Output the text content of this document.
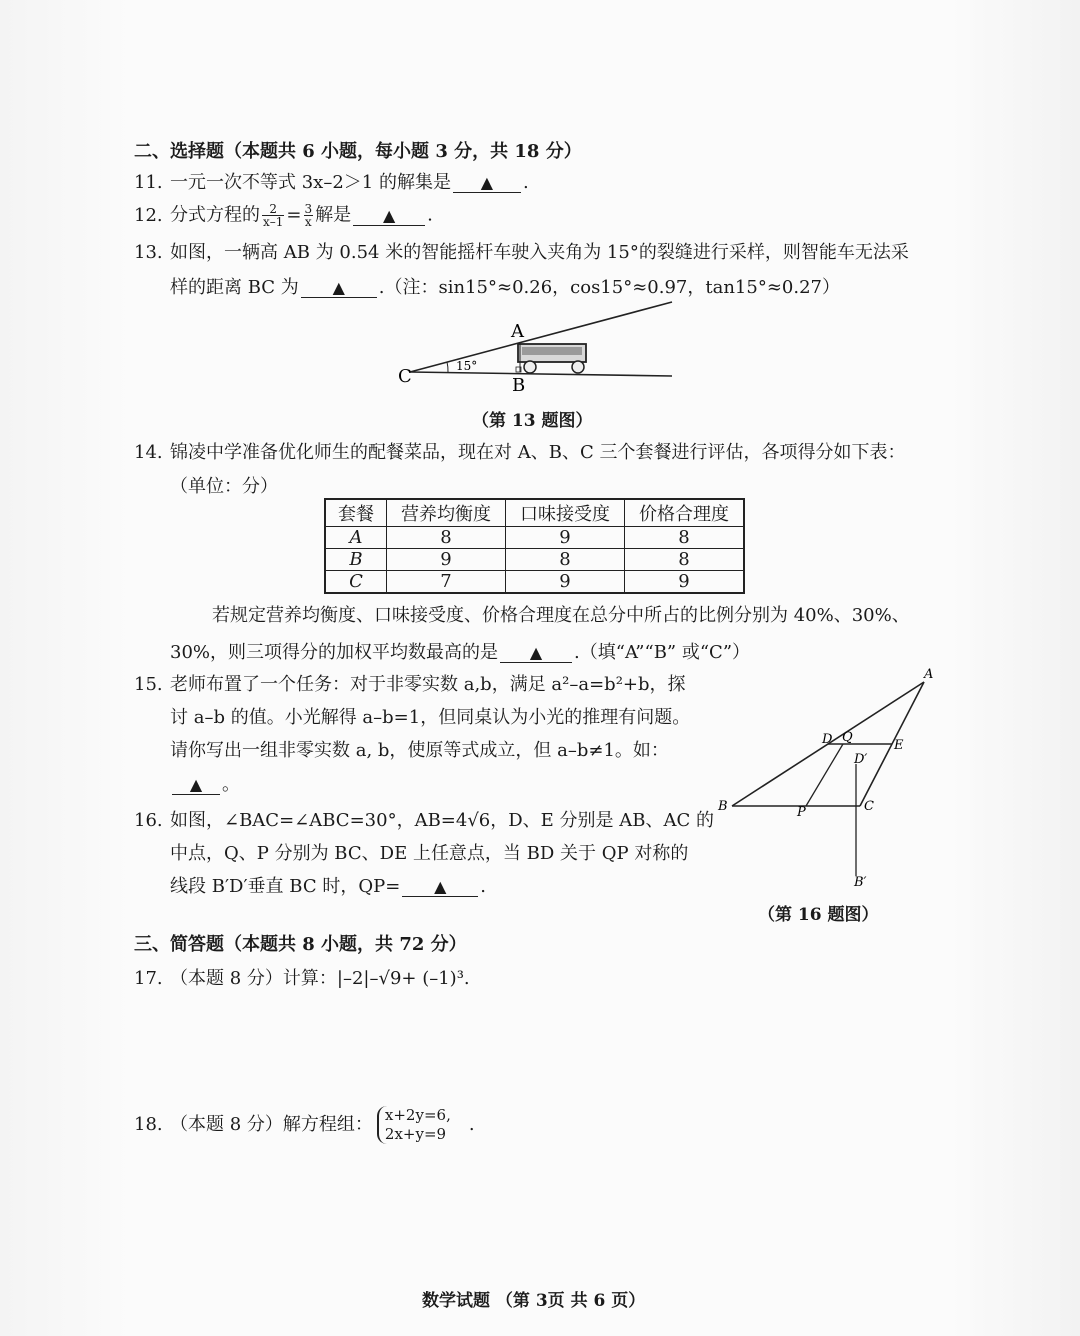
二、选择题（本题共 6 小题，每小题 3 分，共 18 分）
11. 一元一次不等式 3x–2＞1 的解集是 ▲ .
12. 分式方程的 $\frac{2}{x-1} = \frac{3}{x}$ 解是 ▲ .
13. 如图，一辆高 AB 为 0.54 米的智能摇杆车驶入夹角为 15°的裂缝进行采样，则智能车无法采
样的距离 BC 为 ▲ .（注：sin15°≈0.26，cos15°≈0.97，tan15°≈0.27）
A
B
C	15°
（第 13 题图）
14. 锦凌中学准备优化师生的配餐菜品，现在对 A、B、C 三个套餐进行评估，各项得分如下表：
（单位：分）
套餐	营养均衡度	口味接受度	价格合理度
A	8	9	8
B	9	8	8
C	7	9	9
若规定营养均衡度、口味接受度、价格合理度在总分中所占的比例分别为 40%、30%、
30%，则三项得分的加权平均数最高的是 ▲ .（填“A”“B” 或“C”）
15. 老师布置了一个任务：对于非零实数 a,b，满足 a²–a=b²+b，探
讨 a–b 的值。小光解得 a–b=1，但同桌认为小光的推理有问题。
请你写出一组非零实数 a, b，使原等式成立，但 a–b≠1。如：
▲ 。
16. 如图，∠BAC=∠ABC=30°，AB=4√6，D、E 分别是 AB、AC 的
中点，Q、P 分别为 BC、DE 上任意点，当 BD 关于 QP 对称的
线段 B′D′垂直 BC 时，QP= ▲ .
D Q
E
D′
A
B	C
P
B′
（第 16 题图）
三、简答题（本题共 8 小题，共 72 分）
17. （本题 8 分）计算：|–2|–√9+ (–1)³.
18. （本题 8 分）解方程组： x+2y=6,
2x+y=9 .
数学试题 （第 3页 共 6 页）
